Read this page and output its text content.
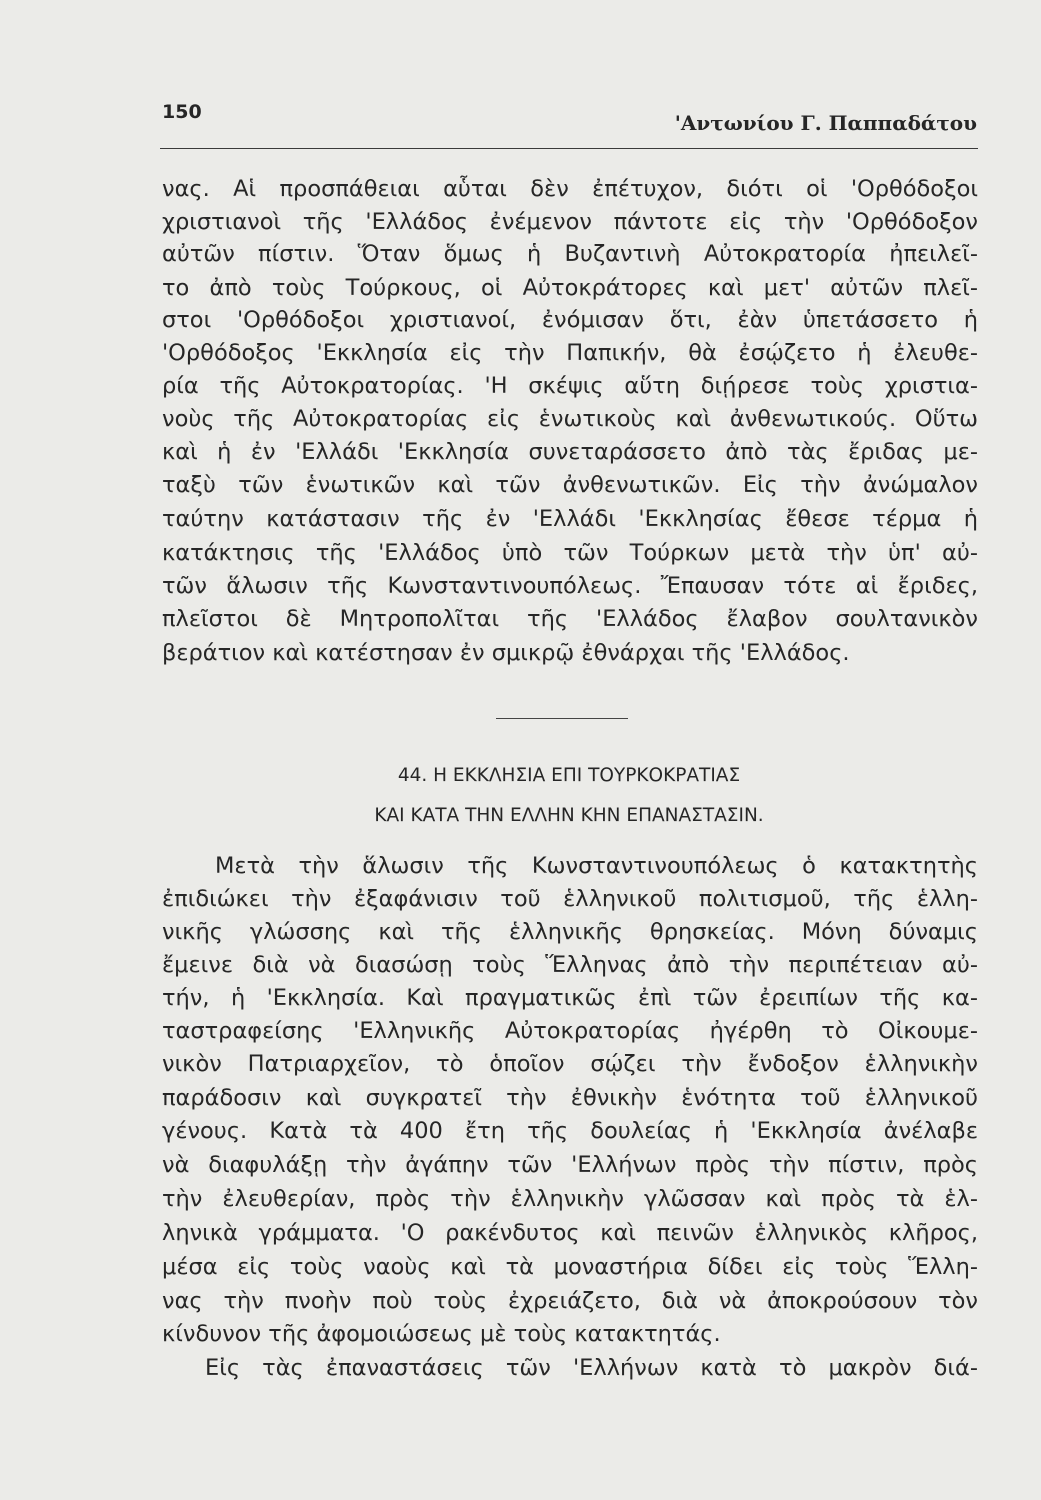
150	'Αντωνίου Γ. Παππαδάτου
νας. Αἱ προσπάθειαι αὗται δὲν ἐπέτυχον, διότι οἱ 'Ορθόδοξοι
χριστιανοὶ τῆς 'Ελλάδος ἐνέμενον πάντοτε εἰς τὴν 'Ορθόδοξον
αὐτῶν πίστιν. Ὅταν ὅμως ἡ Βυζαντινὴ Αὐτοκρατορία ἠπειλεῖ-
το ἀπὸ τοὺς Τούρκους, οἱ Αὐτοκράτορες καὶ μετ' αὐτῶν πλεῖ-
στοι 'Ορθόδοξοι χριστιανοί, ἐνόμισαν ὅτι, ἐὰν ὑπετάσσετο ἡ
'Ορθόδοξος 'Εκκλησία εἰς τὴν Παπικήν, θὰ ἐσῴζετο ἡ ἐλευθε-
ρία τῆς Αὐτοκρατορίας. 'Η σκέψις αὕτη διῄρεσε τοὺς χριστια-
νοὺς τῆς Αὐτοκρατορίας εἰς ἑνωτικοὺς καὶ ἀνθενωτικούς. Οὕτω
καὶ ἡ ἐν 'Ελλάδι 'Εκκλησία συνεταράσσετο ἀπὸ τὰς ἔριδας με-
ταξὺ τῶν ἑνωτικῶν καὶ τῶν ἀνθενωτικῶν. Εἰς τὴν ἀνώμαλον
ταύτην κατάστασιν τῆς ἐν 'Ελλάδι 'Εκκλησίας ἔθεσε τέρμα ἡ
κατάκτησις τῆς 'Ελλάδος ὑπὸ τῶν Τούρκων μετὰ τὴν ὑπ' αὐ-
τῶν ἅλωσιν τῆς Κωνσταντινουπόλεως. Ἔπαυσαν τότε αἱ ἔριδες,
πλεῖστοι δὲ Μητροπολῖται τῆς 'Ελλάδος ἔλαβον σουλτανικὸν
βεράτιον καὶ κατέστησαν ἐν σμικρῷ ἐθνάρχαι τῆς 'Ελλάδος.
44. Η ΕΚΚΛΗΣΙΑ ΕΠΙ ΤΟΥΡΚΟΚΡΑΤΙΑΣ
ΚΑΙ ΚΑΤΑ ΤΗΝ ΕΛΛΗΝ ΚΗΝ ΕΠΑΝΑΣΤΑΣΙΝ.
Μετὰ τὴν ἅλωσιν τῆς Κωνσταντινουπόλεως ὁ κατακτητὴς
ἐπιδιώκει τὴν ἐξαφάνισιν τοῦ ἑλληνικοῦ πολιτισμοῦ, τῆς ἑλλη-
νικῆς γλώσσης καὶ τῆς ἑλληνικῆς θρησκείας. Μόνη δύναμις
ἔμεινε διὰ νὰ διασώσῃ τοὺς Ἕλληνας ἀπὸ τὴν περιπέτειαν αὐ-
τήν, ἡ 'Εκκλησία. Καὶ πραγματικῶς ἐπὶ τῶν ἐρειπίων τῆς κα-
ταστραφείσης 'Ελληνικῆς Αὐτοκρατορίας ἠγέρθη τὸ Οἰκουμε-
νικὸν Πατριαρχεῖον, τὸ ὁποῖον σῴζει τὴν ἔνδοξον ἑλληνικὴν
παράδοσιν καὶ συγκρατεῖ τὴν ἐθνικὴν ἑνότητα τοῦ ἑλληνικοῦ
γένους. Κατὰ τὰ 400 ἔτη τῆς δουλείας ἡ 'Εκκλησία ἀνέλαβε
νὰ διαφυλάξῃ τὴν ἀγάπην τῶν 'Ελλήνων πρὸς τὴν πίστιν, πρὸς
τὴν ἐλευθερίαν, πρὸς τὴν ἑλληνικὴν γλῶσσαν καὶ πρὸς τὰ ἑλ-
ληνικὰ γράμματα. 'Ο ρακένδυτος καὶ πεινῶν ἑλληνικὸς κλῆρος,
μέσα εἰς τοὺς ναοὺς καὶ τὰ μοναστήρια δίδει εἰς τοὺς Ἕλλη-
νας τὴν πνοὴν ποὺ τοὺς ἐχρειάζετο, διὰ νὰ ἀποκρούσουν τὸν
κίνδυνον τῆς ἀφομοιώσεως μὲ τοὺς κατακτητάς.
Εἰς τὰς ἐπαναστάσεις τῶν 'Ελλήνων κατὰ τὸ μακρὸν διά-
